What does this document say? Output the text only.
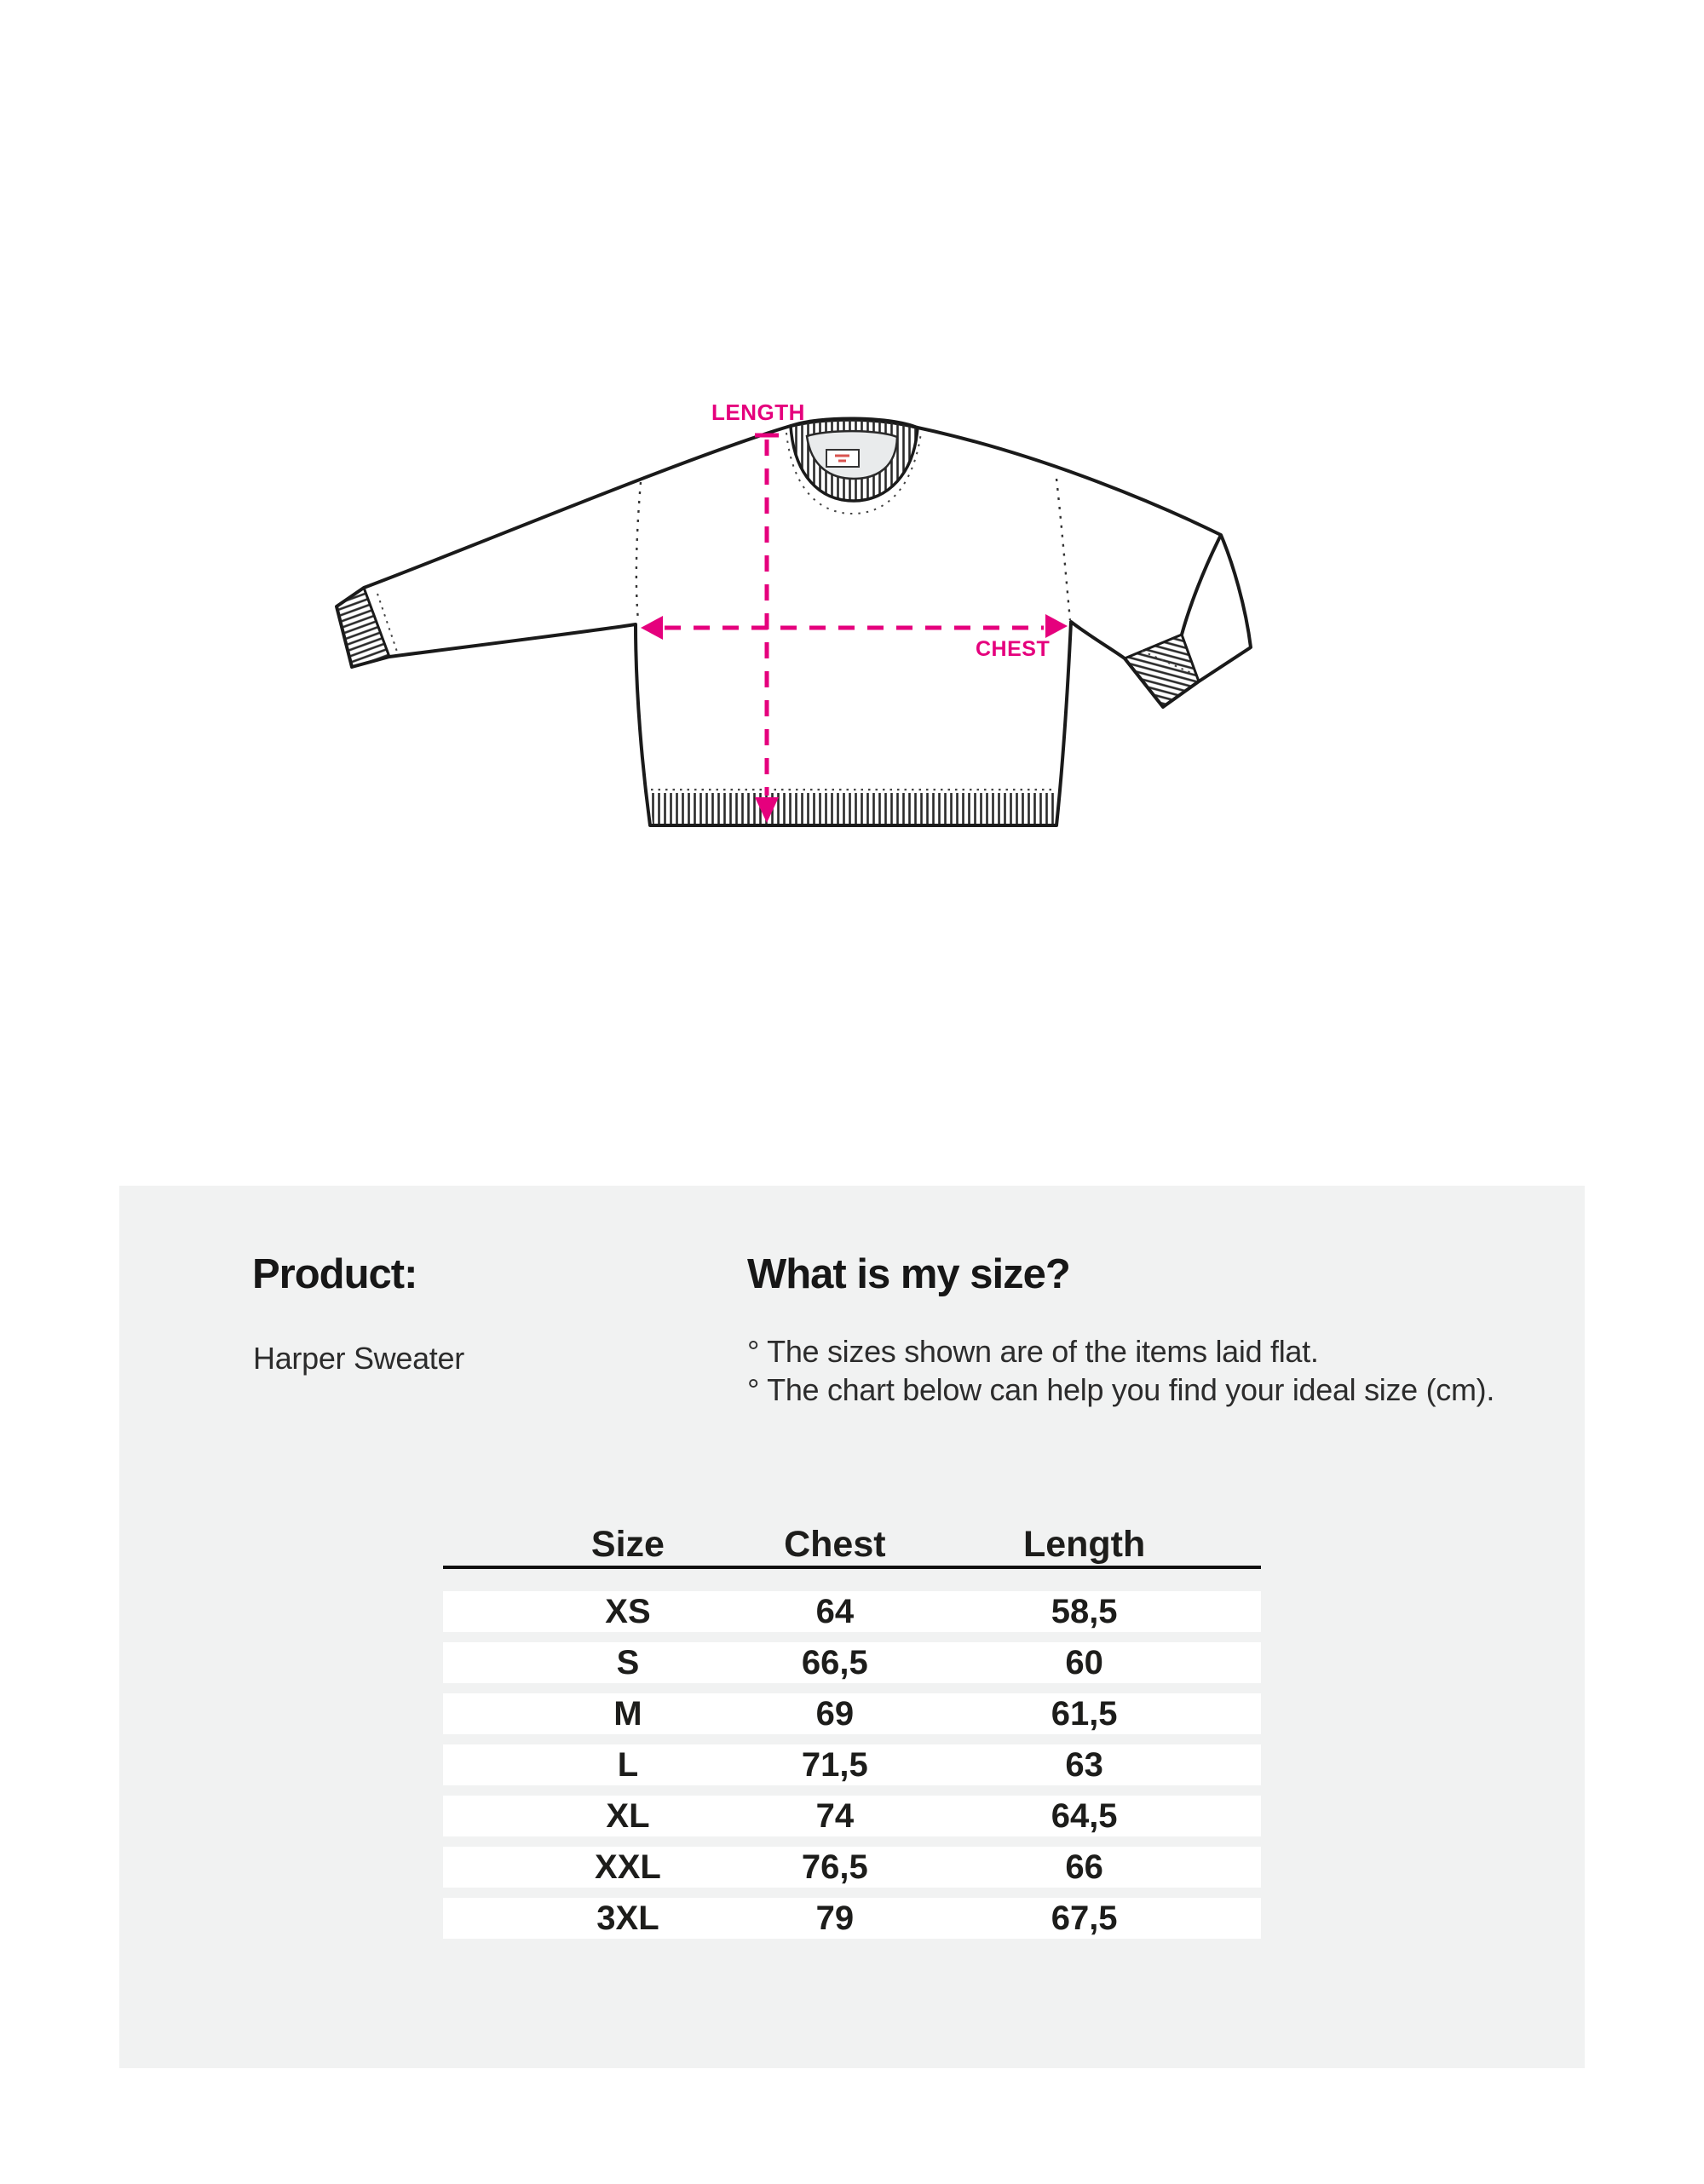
LENGTH
CHEST
Product:	What is my size?
Harper Sweater	° The sizes shown are of the items laid flat.
° The chart below can help you find your ideal size (cm).
Size	Chest	Length
XS	64	58,5
S	66,5	60
M	69	61,5
L	71,5	63
XL	74	64,5
XXL	76,5	66
3XL	79	67,5
